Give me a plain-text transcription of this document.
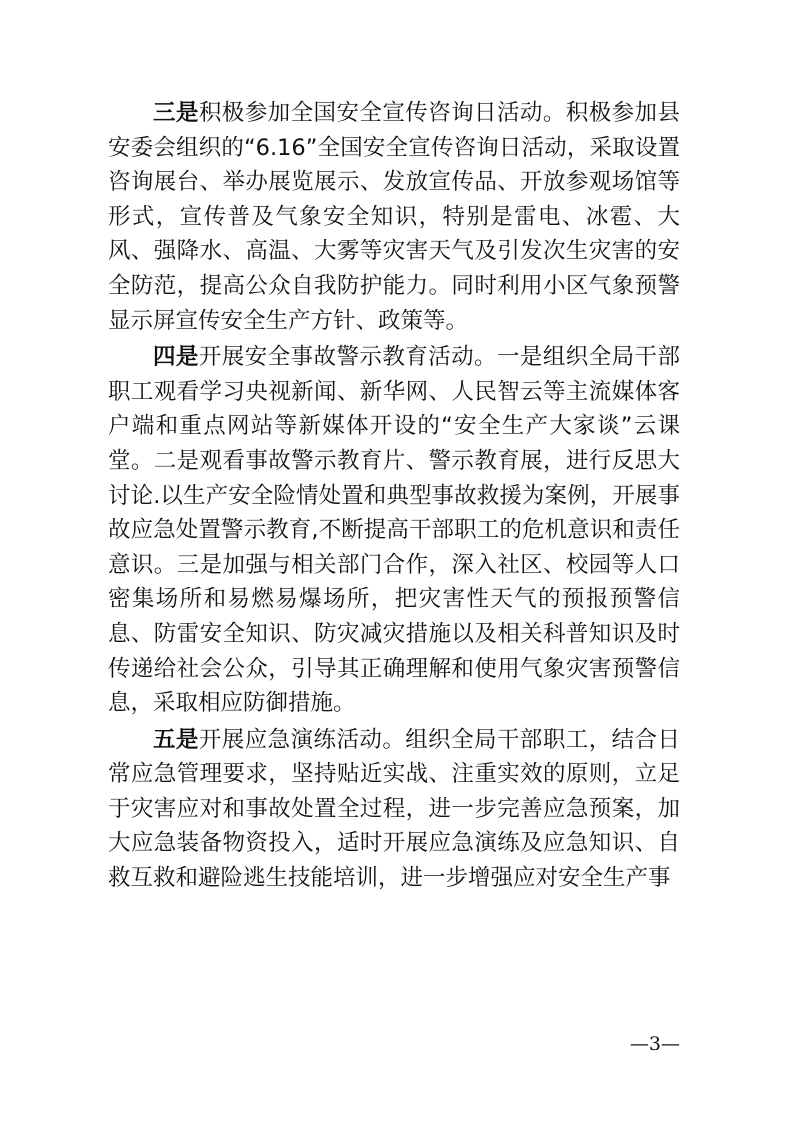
三是积极参加全国安全宣传咨询日活动。积极参加县安委会组织的“6.16”全国安全宣传咨询日活动，采取设置咨询展台、举办展览展示、发放宣传品、开放参观场馆等形式，宣传普及气象安全知识，特别是雷电、冰雹、大风、强降水、高温、大雾等灾害天气及引发次生灾害的安全防范，提高公众自我防护能力。同时利用小区气象预警显示屏宣传安全生产方针、政策等。

四是开展安全事故警示教育活动。一是组织全局干部职工观看学习央视新闻、新华网、人民智云等主流媒体客户端和重点网站等新媒体开设的“安全生产大家谈”云课堂。二是观看事故警示教育片、警示教育展，进行反思大讨论.以生产安全险情处置和典型事故救援为案例，开展事故应急处置警示教育,不断提高干部职工的危机意识和责任意识。三是加强与相关部门合作，深入社区、校园等人口密集场所和易燃易爆场所，把灾害性天气的预报预警信息、防雷安全知识、防灾减灾措施以及相关科普知识及时传递给社会公众，引导其正确理解和使用气象灾害预警信息，采取相应防御措施。

五是开展应急演练活动。组织全局干部职工，结合日常应急管理要求，坚持贴近实战、注重实效的原则，立足于灾害应对和事故处置全过程，进一步完善应急预案，加大应急装备物资投入，适时开展应急演练及应急知识、自救互救和避险逃生技能培训，进一步增强应对安全生产事

—3—
